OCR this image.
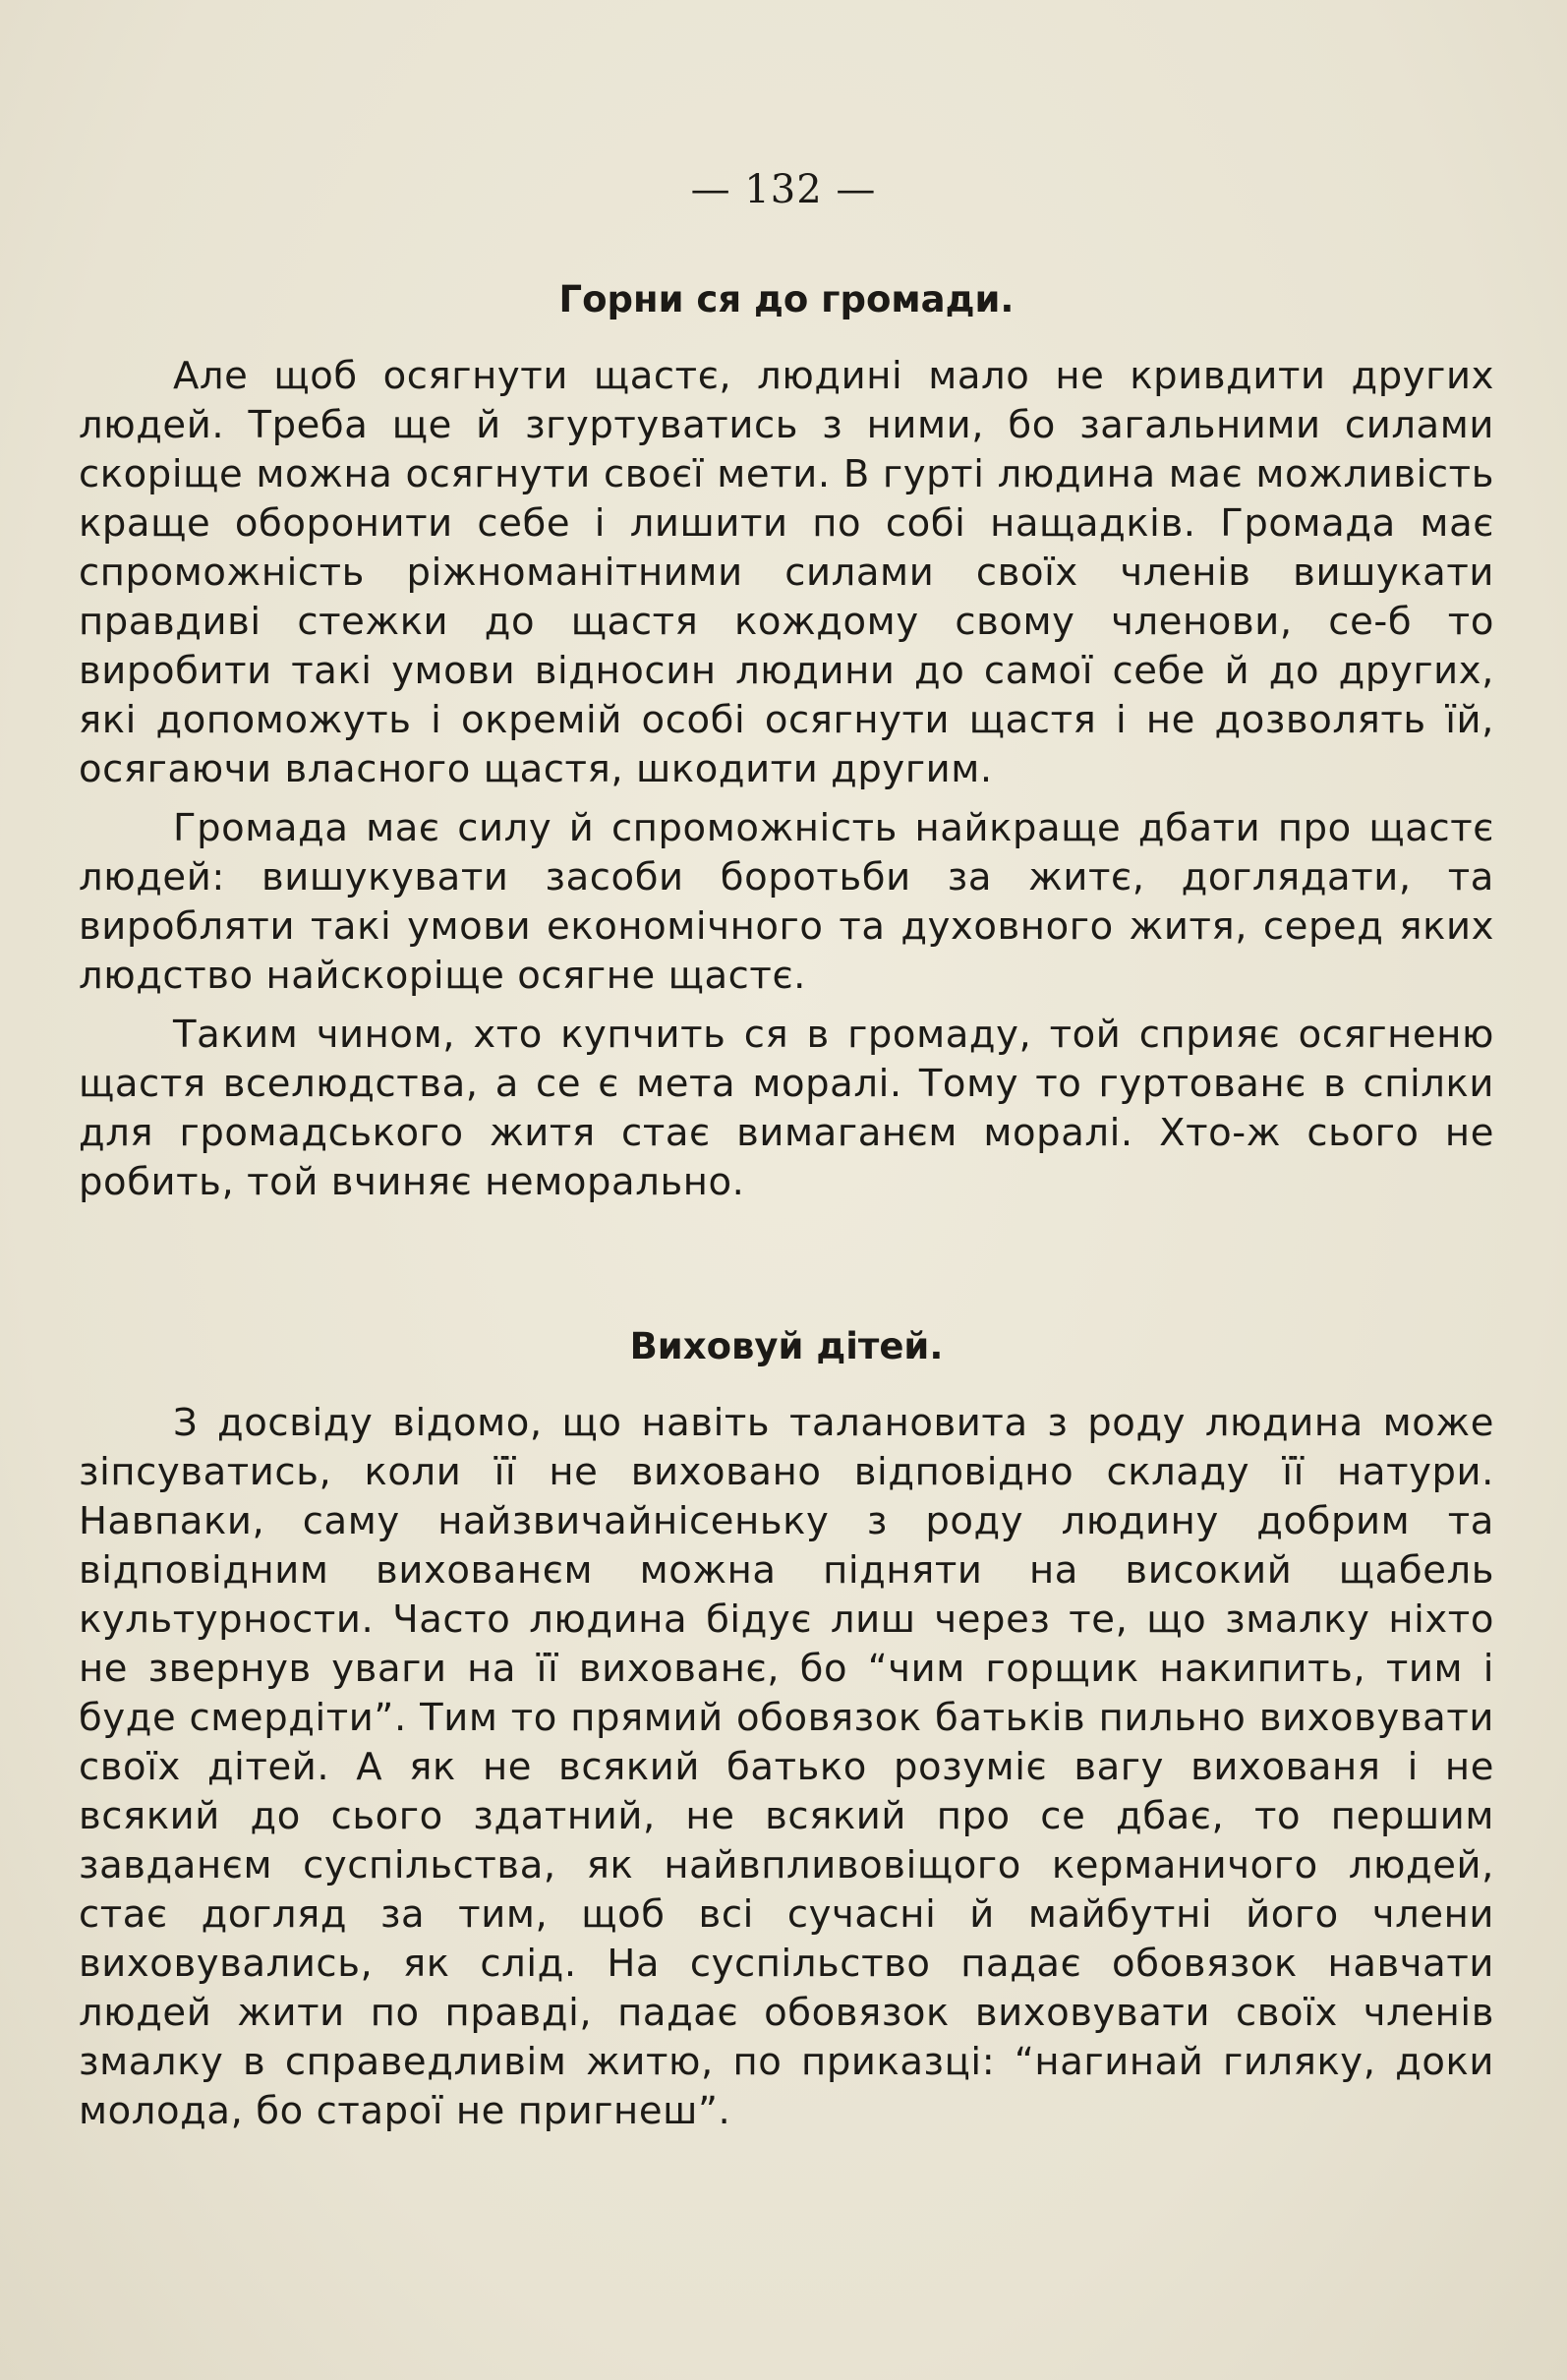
— 132 —
Горни ся до громади.

Але щоб осягнути щастє, людині мало не кривдити других людей. Треба ще й згуртуватись з ними, бо загальними силами скоріще можна осягнути своєї мети. В гурті людина має можливість краще оборонити себе і лишити по собі нащадків. Громада має спроможність ріжноманітними силами своїх членів вишукати правдиві стежки до щастя кождому свому членови, се-б то виробити такі умови відносин людини до самої себе й до других, які допоможуть і окремій особі осягнути щастя і не дозволять їй, осягаючи власного щастя, шкодити другим.

Громада має силу й спроможність найкраще дбати про щастє людей: вишукувати засоби боротьби за житє, доглядати, та виробляти такі умови економічного та духовного житя, серед яких людство найскоріще осягне щастє.

Таким чином, хто купчить ся в громаду, той сприяє осягненю щастя вселюдства, а се є мета моралі. Тому то гуртованє в спілки для громадського житя стає вимаганєм моралі. Хто-ж сього не робить, той вчиняє неморально.

Виховуй дітей.

З досвіду відомо, що навіть талановита з роду людина може зіпсуватись, коли її не виховано відповідно складу її натури. Навпаки, саму найзвичайнісеньку з роду людину добрим та відповідним вихованєм можна підняти на високий щабель культурности. Часто людина бідує лиш через те, що змалку ніхто не звернув уваги на її вихованє, бо “чим горщик накипить, тим і буде смердіти”. Тим то прямий обовязок батьків пильно виховувати своїх дітей. А як не всякий батько розуміє вагу вихованя і не всякий до сього здатний, не всякий про се дбає, то першим завданєм суспільства, як найвпливовіщого керманичого людей, стає догляд за тим, щоб всі сучасні й майбутні його члени виховувались, як слід. На суспільство падає обовязок навчати людей жити по правді, падає обовязок виховувати своїх членів змалку в справедливім житю, по приказці: “нагинай гиляку, доки молода, бо старої не пригнеш”.
